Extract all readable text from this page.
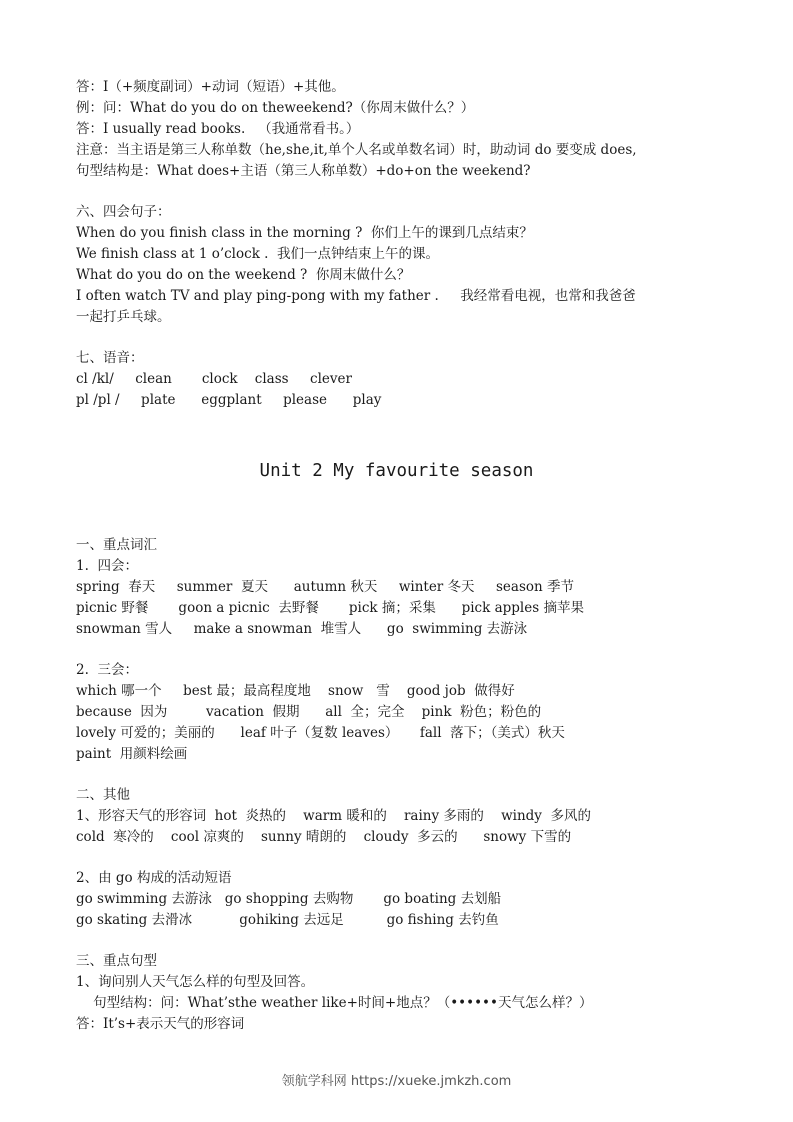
答：I（+频度副词）+动词（短语）+其他。

例：问：What do you do on theweekend?（你周末做什么？）

答：I usually read books.   （我通常看书。）

注意：当主语是第三人称单数（he,she,it,单个人名或单数名词）时，助动词 do 要变成 does,

句型结构是：What does+主语（第三人称单数）+do+on the weekend?

六、四会句子：

When do you finish class in the morning ?  你们上午的课到几点结束？

We finish class at 1 o’clock .  我们一点钟结束上午的课。

What do you do on the weekend ?  你周末做什么？

I often watch TV and play ping-pong with my father .     我经常看电视，也常和我爸爸

一起打乒乓球。

七、语音：

cl /kl/     clean       clock    class     clever

pl /pl /     plate      eggplant     please      play

Unit 2 My favourite season

一、重点词汇

1.  四会：

spring  春天     summer  夏天      autumn 秋天     winter 冬天     season 季节

picnic 野餐       goon a picnic  去野餐       pick 摘；采集      pick apples 摘苹果

snowman 雪人     make a snowman  堆雪人      go  swimming 去游泳

2.  三会：

which 哪一个     best 最；最高程度地    snow   雪    good job  做得好

because  因为         vacation  假期      all  全；完全    pink  粉色；粉色的

lovely 可爱的；美丽的      leaf 叶子（复数 leaves）     fall  落下；（美式）秋天

paint  用颜料绘画

二、其他

1、形容天气的形容词  hot  炎热的    warm 暖和的    rainy 多雨的    windy  多风的

cold  寒冷的    cool 凉爽的    sunny 晴朗的    cloudy  多云的      snowy 下雪的

2、由 go 构成的活动短语

go swimming 去游泳   go shopping 去购物       go boating 去划船

go skating 去滑冰           gohiking 去远足          go fishing 去钓鱼

三、重点句型

1、询问别人天气怎么样的句型及回答。

句型结构：问：What’sthe weather like+时间+地点？（••••••天气怎么样？）

答：It’s+表示天气的形容词

领航学科网 https://xueke.jmkzh.com
